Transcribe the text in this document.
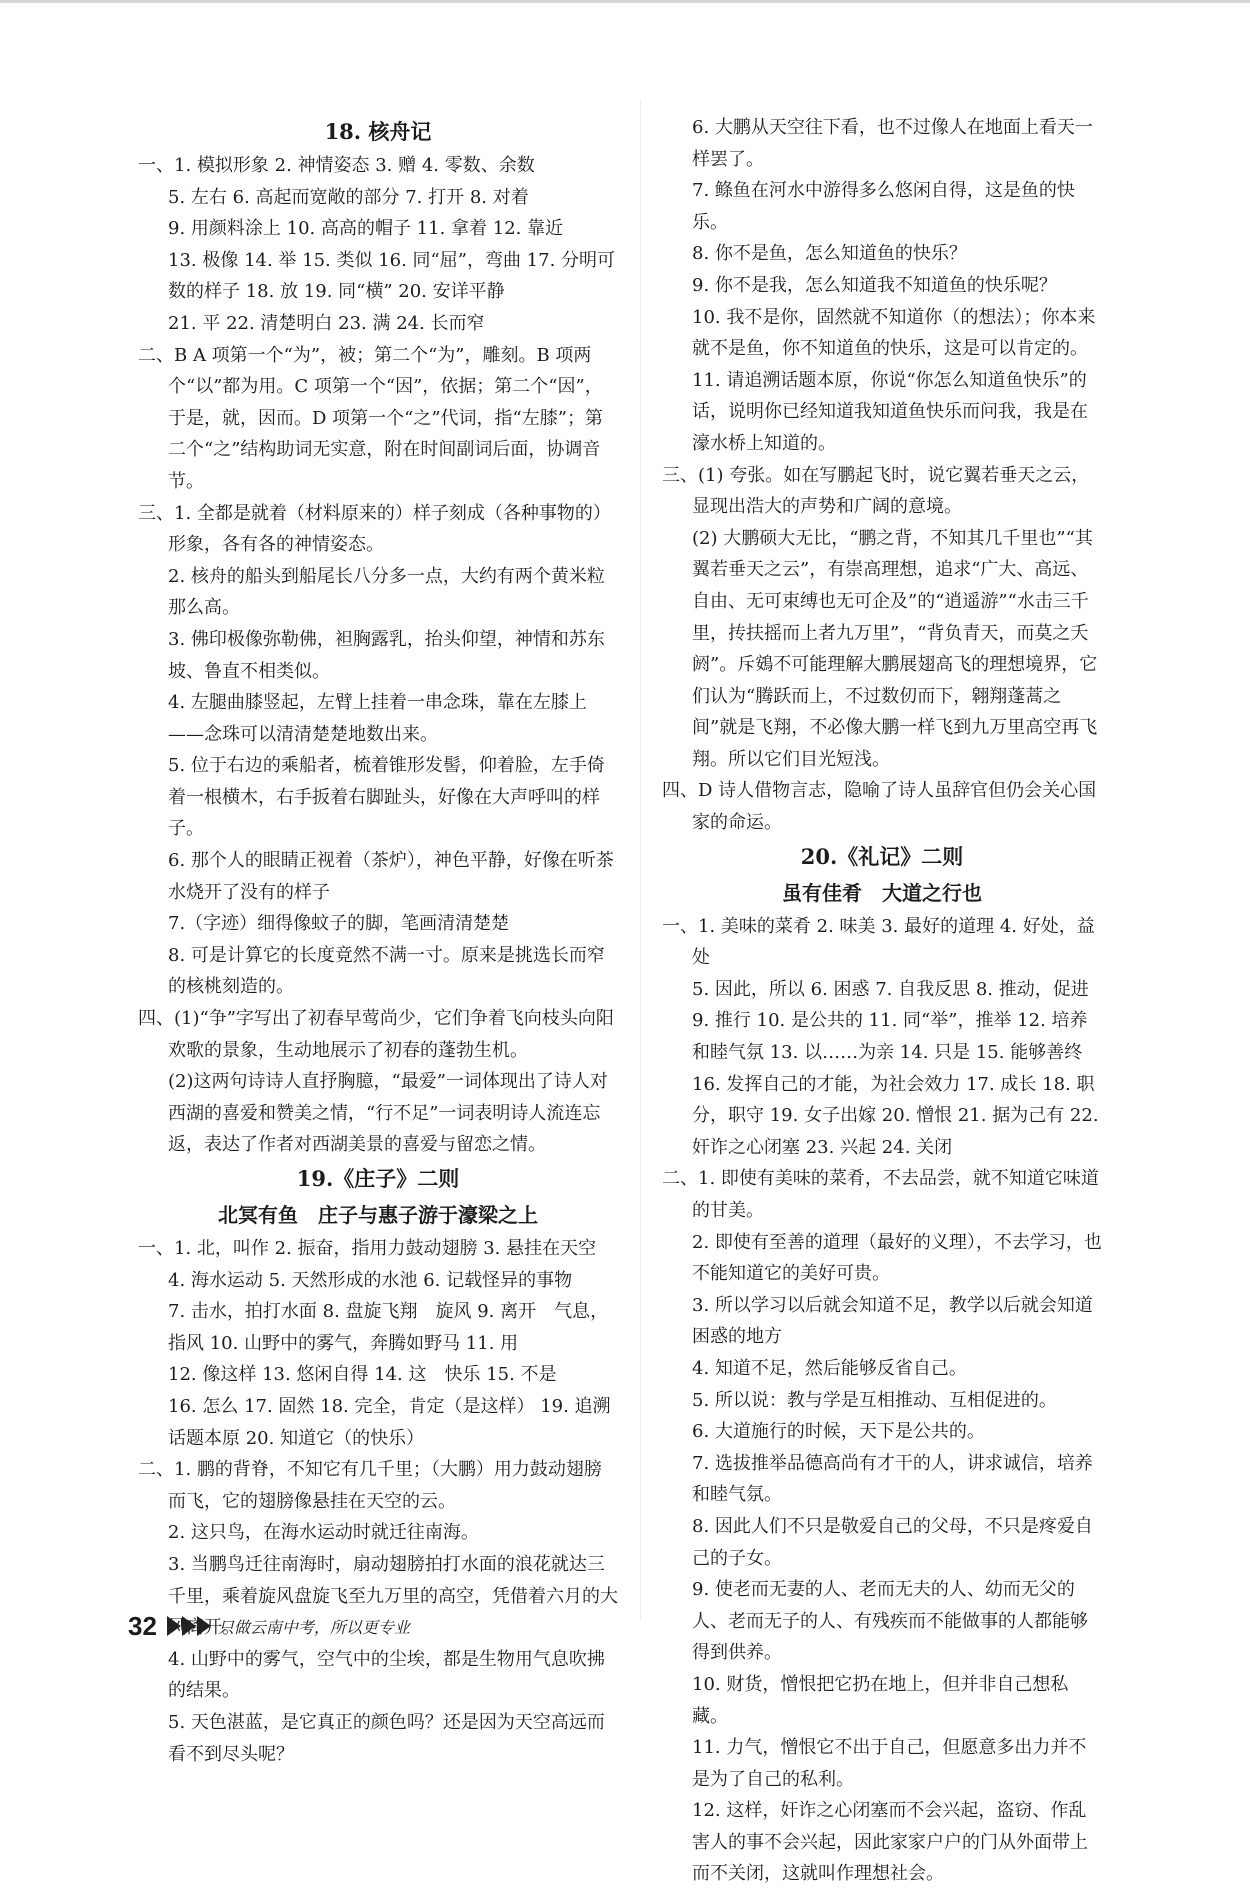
18. 核舟记
一、1. 模拟形象 2. 神情姿态 3. 赠 4. 零数、余数
5. 左右 6. 高起而宽敞的部分 7. 打开 8. 对着
9. 用颜料涂上 10. 高高的帽子 11. 拿着 12. 靠近
13. 极像 14. 举 15. 类似 16. 同“屈”，弯曲 17. 分明可数的样子 18. 放 19. 同“横” 20. 安详平静
21. 平 22. 清楚明白 23. 满 24. 长而窄
二、B A 项第一个“为”，被；第二个“为”，雕刻。B 项两个“以”都为用。C 项第一个“因”，依据；第二个“因”，于是，就，因而。D 项第一个“之”代词，指“左膝”；第二个“之”结构助词无实意，附在时间副词后面，协调音节。
三、1. 全都是就着（材料原来的）样子刻成（各种事物的）形象，各有各的神情姿态。
2. 核舟的船头到船尾长八分多一点，大约有两个黄米粒那么高。
3. 佛印极像弥勒佛，袒胸露乳，抬头仰望，神情和苏东坡、鲁直不相类似。
4. 左腿曲膝竖起，左臂上挂着一串念珠，靠在左膝上——念珠可以清清楚楚地数出来。
5. 位于右边的乘船者，梳着锥形发髻，仰着脸，左手倚着一根横木，右手扳着右脚趾头，好像在大声呼叫的样子。
6. 那个人的眼睛正视着（茶炉），神色平静，好像在听茶水烧开了没有的样子
7.（字迹）细得像蚊子的脚，笔画清清楚楚
8. 可是计算它的长度竟然不满一寸。原来是挑选长而窄的核桃刻造的。
四、(1)“争”字写出了初春早莺尚少，它们争着飞向枝头向阳欢歌的景象，生动地展示了初春的蓬勃生机。
(2)这两句诗诗人直抒胸臆，“最爱”一词体现出了诗人对西湖的喜爱和赞美之情，“行不足”一词表明诗人流连忘返，表达了作者对西湖美景的喜爱与留恋之情。
19.《庄子》二则
北冥有鱼　庄子与惠子游于濠梁之上
一、1. 北，叫作 2. 振奋，指用力鼓动翅膀 3. 悬挂在天空
4. 海水运动 5. 天然形成的水池 6. 记载怪异的事物
7. 击水，拍打水面 8. 盘旋飞翔　旋风 9. 离开　气息，指风 10. 山野中的雾气，奔腾如野马 11. 用
12. 像这样 13. 悠闲自得 14. 这　快乐 15. 不是
16. 怎么 17. 固然 18. 完全，肯定（是这样） 19. 追溯话题本原 20. 知道它（的快乐）
二、1. 鹏的背脊，不知它有几千里；（大鹏）用力鼓动翅膀而飞，它的翅膀像悬挂在天空的云。
2. 这只鸟，在海水运动时就迁往南海。
3. 当鹏鸟迁往南海时，扇动翅膀拍打水面的浪花就达三千里，乘着旋风盘旋飞至九万里的高空，凭借着六月的大风离开。
4. 山野中的雾气，空气中的尘埃，都是生物用气息吹拂的结果。
5. 天色湛蓝，是它真正的颜色吗？还是因为天空高远而看不到尽头呢？
6. 大鹏从天空往下看，也不过像人在地面上看天一样罢了。
7. 鲦鱼在河水中游得多么悠闲自得，这是鱼的快乐。
8. 你不是鱼，怎么知道鱼的快乐？
9. 你不是我，怎么知道我不知道鱼的快乐呢？
10. 我不是你，固然就不知道你（的想法）；你本来就不是鱼，你不知道鱼的快乐，这是可以肯定的。
11. 请追溯话题本原，你说“你怎么知道鱼快乐”的话，说明你已经知道我知道鱼快乐而问我，我是在濠水桥上知道的。
三、(1) 夸张。如在写鹏起飞时，说它翼若垂天之云，显现出浩大的声势和广阔的意境。
(2) 大鹏硕大无比，“鹏之背，不知其几千里也”“其翼若垂天之云”，有崇高理想，追求“广大、高远、自由、无可束缚也无可企及”的“逍遥游”“水击三千里，抟扶摇而上者九万里”，“背负青天，而莫之夭阏”。斥鴳不可能理解大鹏展翅高飞的理想境界，它们认为“腾跃而上，不过数仞而下，翱翔蓬蒿之间”就是飞翔，不必像大鹏一样飞到九万里高空再飞翔。所以它们目光短浅。
四、D 诗人借物言志，隐喻了诗人虽辞官但仍会关心国家的命运。
20.《礼记》二则
虽有佳肴　大道之行也
一、1. 美味的菜肴 2. 味美 3. 最好的道理 4. 好处，益处
5. 因此，所以 6. 困惑 7. 自我反思 8. 推动，促进
9. 推行 10. 是公共的 11. 同“举”，推举 12. 培养和睦气氛 13. 以……为亲 14. 只是 15. 能够善终
16. 发挥自己的才能，为社会效力 17. 成长 18. 职分，职守 19. 女子出嫁 20. 憎恨 21. 据为己有 22. 奸诈之心闭塞 23. 兴起 24. 关闭
二、1. 即使有美味的菜肴，不去品尝，就不知道它味道的甘美。
2. 即使有至善的道理（最好的义理），不去学习，也不能知道它的美好可贵。
3. 所以学习以后就会知道不足，教学以后就会知道困惑的地方
4. 知道不足，然后能够反省自己。
5. 所以说：教与学是互相推动、互相促进的。
6. 大道施行的时候，天下是公共的。
7. 选拔推举品德高尚有才干的人，讲求诚信，培养和睦气氛。
8. 因此人们不只是敬爱自己的父母，不只是疼爱自己的子女。
9. 使老而无妻的人、老而无夫的人、幼而无父的人、老而无子的人、有残疾而不能做事的人都能够得到供养。
10. 财货，憎恨把它扔在地上，但并非自己想私藏。
11. 力气，憎恨它不出于自己，但愿意多出力并不是为了自己的私利。
12. 这样，奸诈之心闭塞而不会兴起，盗窃、作乱害人的事不会兴起，因此家家户户的门从外面带上而不关闭，这就叫作理想社会。
32	只做云南中考，所以更专业
